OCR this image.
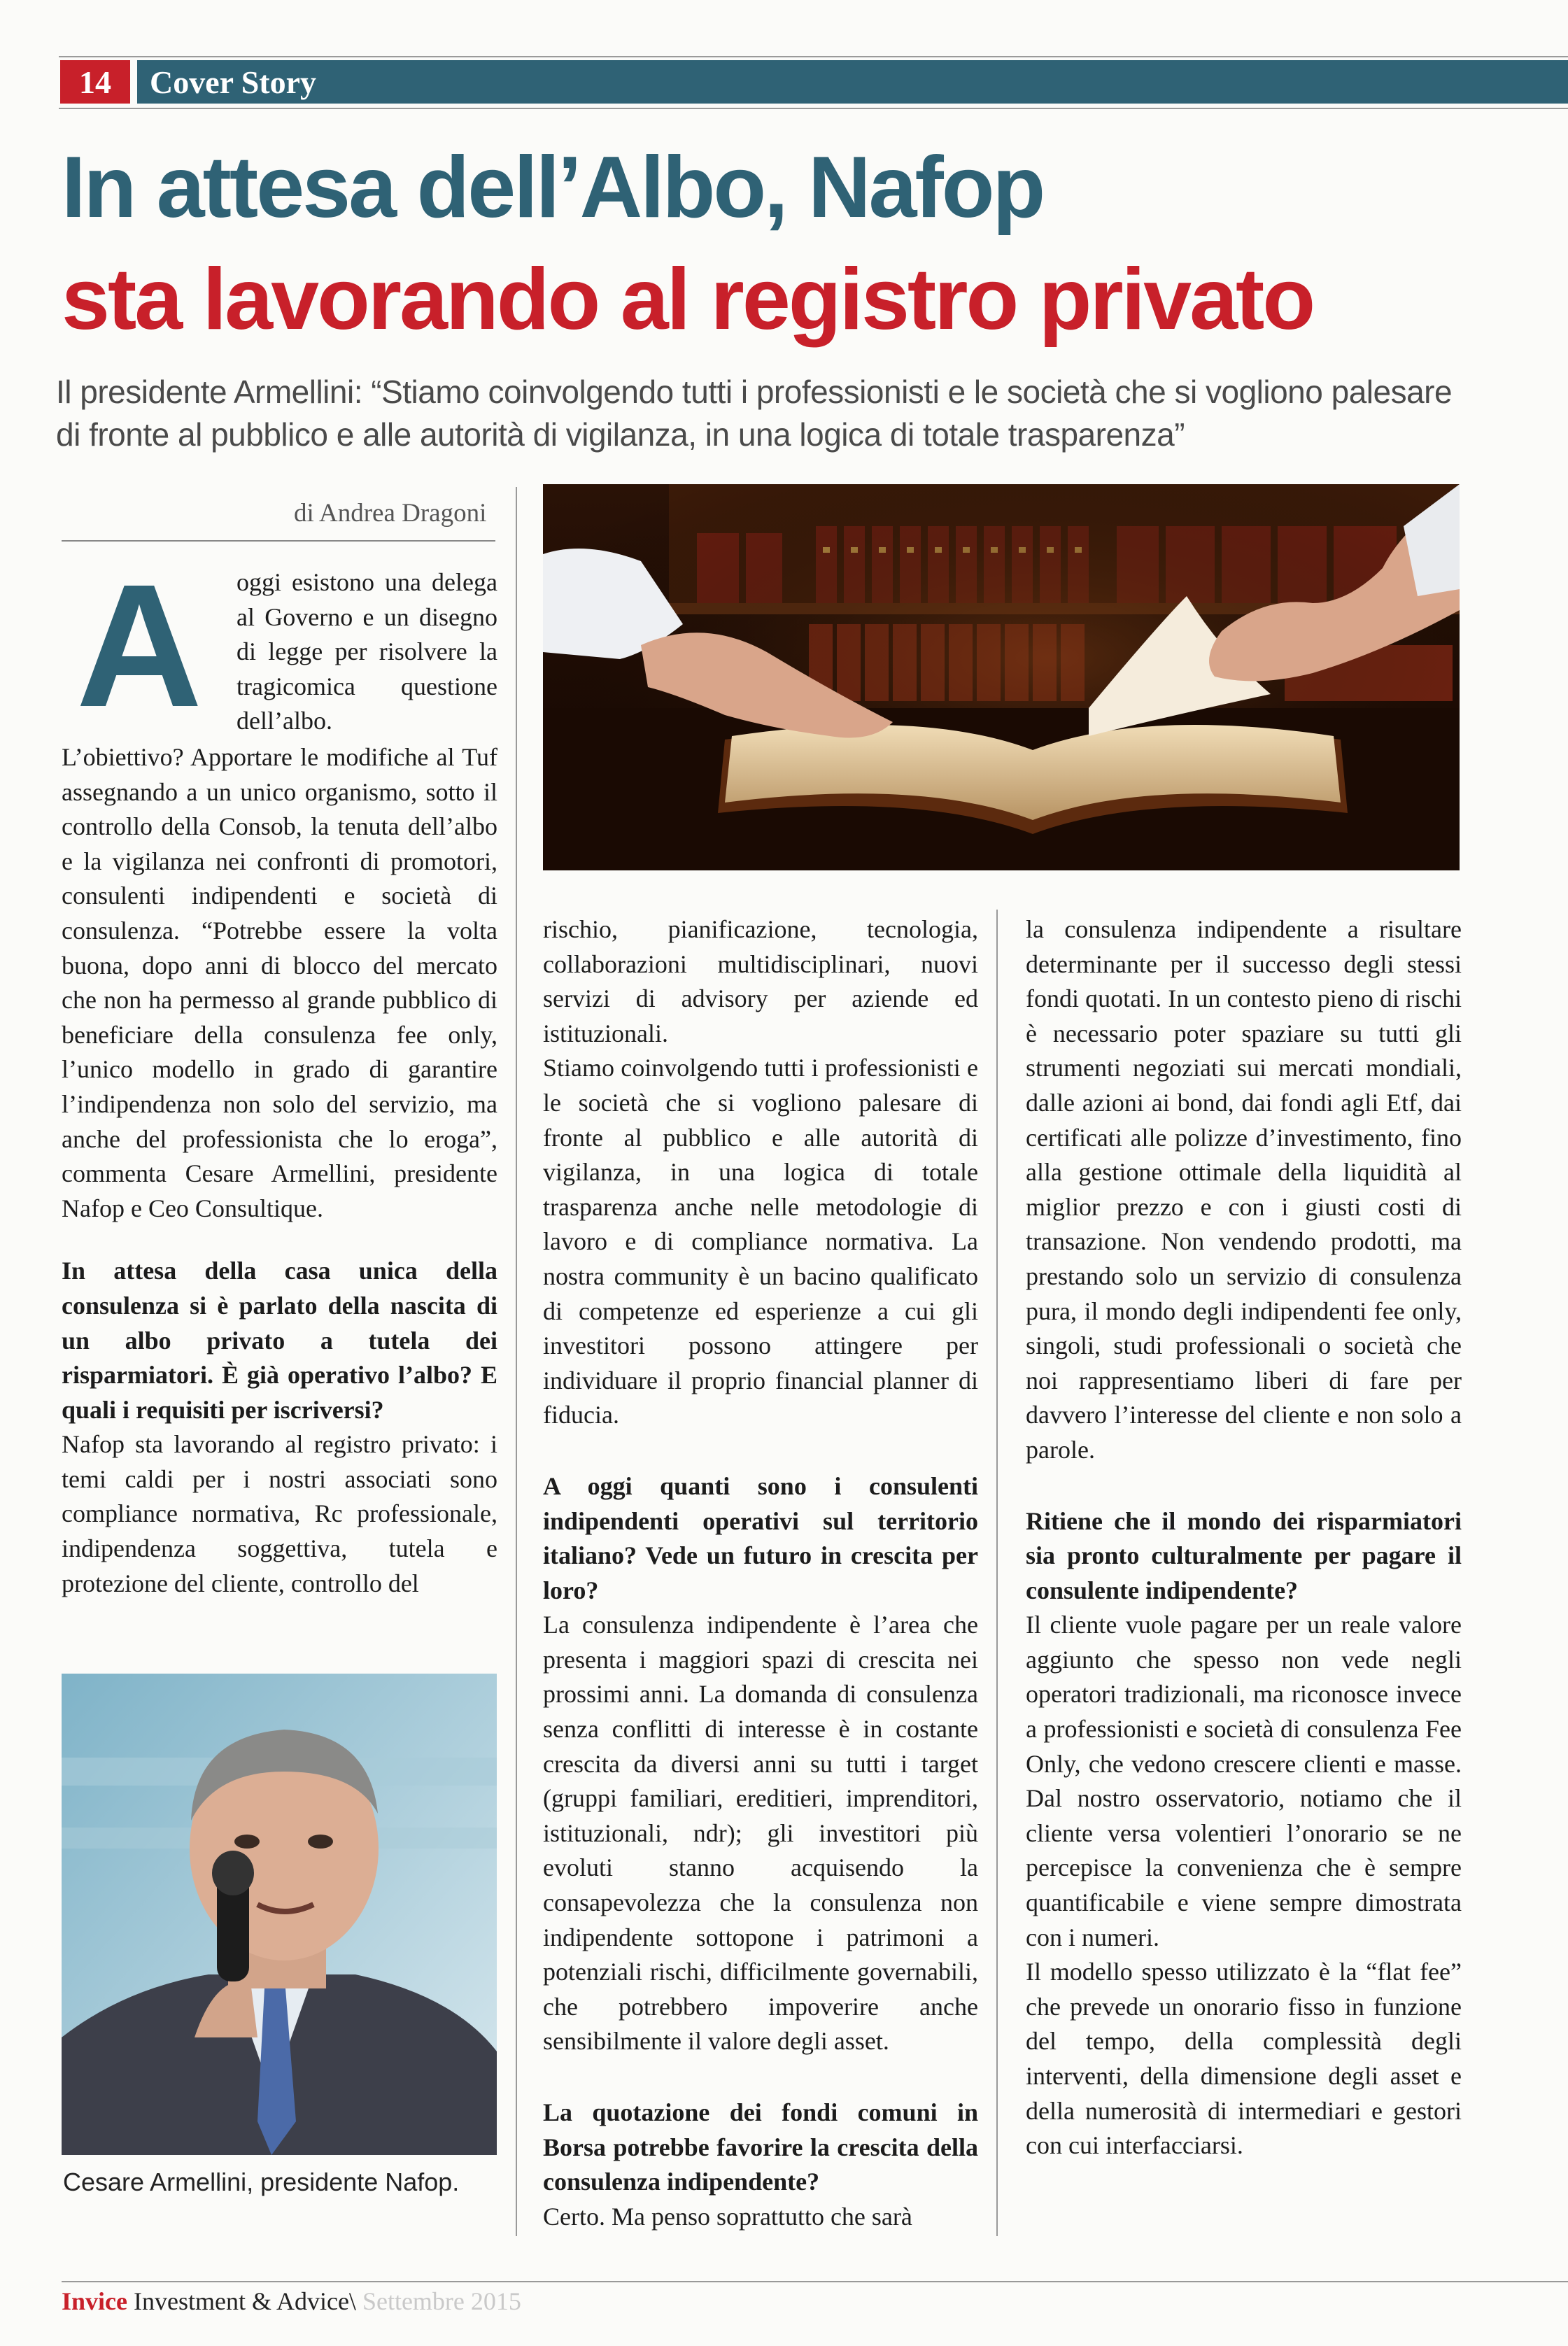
14	Cover Story
In attesa dell’Albo, Nafop
sta lavorando al registro privato
Il presidente Armellini: “Stiamo coinvolgendo tutti i professionisti e le società che si vogliono palesare di fronte al pubblico e alle autorità di vigilanza, in una logica di totale trasparenza”
di Andrea Dragoni
A	oggi esistono una delega al Governo e un disegno di legge per risolvere la tragicomica questione dell’albo.

L’obiettivo? Apportare le modifiche al Tuf assegnando a un unico organismo, sotto il controllo della Consob, la tenuta dell’albo e la vigilanza nei confronti di promotori, consulenti indipendenti e società di consulenza. “Potrebbe essere la volta buona, dopo anni di blocco del mercato che non ha permesso al grande pubblico di beneficiare della consulenza fee only, l’unico modello in grado di garantire l’indipendenza non solo del servizio, ma anche del professionista che lo eroga”, commenta Cesare Armellini, presidente Nafop e Ceo Consultique.

In attesa della casa unica della consulenza si è parlato della nascita di un albo privato a tutela dei risparmiatori. È già operativo l’albo? E quali i requisiti per iscriversi?

Nafop sta lavorando al registro privato: i temi caldi per i nostri associati sono compliance normativa, Rc professionale, indipendenza soggettiva, tutela e protezione del cliente, controllo del

rischio, pianificazione, tecnologia, collaborazioni multidisciplinari, nuovi servizi di advisory per aziende ed istituzionali.

Stiamo coinvolgendo tutti i professionisti e le società che si vogliono palesare di fronte al pubblico e alle autorità di vigilanza, in una logica di totale trasparenza anche nelle metodologie di lavoro e di compliance normativa. La nostra community è un bacino qualificato di competenze ed esperienze a cui gli investitori possono attingere per individuare il proprio financial planner di fiducia.

A oggi quanti sono i consulenti indipendenti operativi sul territorio italiano? Vede un futuro in crescita per loro?

La consulenza indipendente è l’area che presenta i maggiori spazi di crescita nei prossimi anni. La domanda di consulenza senza conflitti di interesse è in costante crescita da diversi anni su tutti i target (gruppi familiari, ereditieri, imprenditori, istituzionali, ndr); gli investitori più evoluti stanno acquisendo la consapevolezza che la consulenza non indipendente sottopone i patrimoni a potenziali rischi, difficilmente governabili, che potrebbero impoverire anche sensibilmente il valore degli asset.

La quotazione dei fondi comuni in Borsa potrebbe favorire la crescita della consulenza indipendente?

Certo. Ma penso soprattutto che sarà

la consulenza indipendente a risultare determinante per il successo degli stessi fondi quotati. In un contesto pieno di rischi è necessario poter spaziare su tutti gli strumenti negoziati sui mercati mondiali, dalle azioni ai bond, dai fondi agli Etf, dai certificati alle polizze d’investimento, fino alla gestione ottimale della liquidità al miglior prezzo e con i giusti costi di transazione. Non vendendo prodotti, ma prestando solo un servizio di consulenza pura, il mondo degli indipendenti fee only, singoli, studi professionali o società che noi rappresentiamo liberi di fare per davvero l’interesse del cliente e non solo a parole.

Ritiene che il mondo dei risparmiatori sia pronto culturalmente per pagare il consulente indipendente?

Il cliente vuole pagare per un reale valore aggiunto che spesso non vede negli operatori tradizionali, ma riconosce invece a professionisti e società di consulenza Fee Only, che vedono crescere clienti e masse. Dal nostro osservatorio, notiamo che il cliente versa volentieri l’onorario se ne percepisce la convenienza che è sempre quantificabile e viene sempre dimostrata con i numeri.

Il modello spesso utilizzato è la “flat fee” che prevede un onorario fisso in funzione del tempo, della complessità degli interventi, della dimensione degli asset e della numerosità di intermediari e gestori con cui interfacciarsi.

Cesare Armellini, presidente Nafop.
Invice Investment & Advice\ Settembre 2015
